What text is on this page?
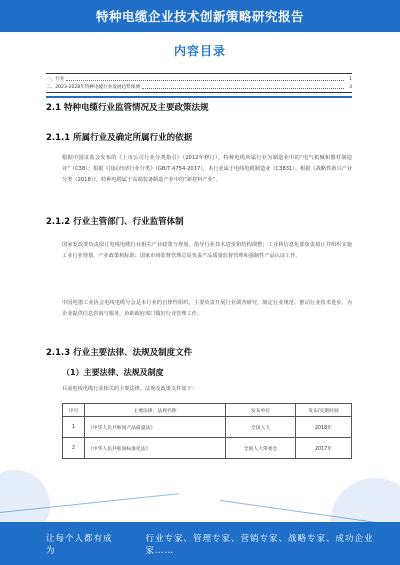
特种电缆企业技术创新策略研究报告
内容目录
一、行业	1
二、2023-2028年特种电缆行业发展趋势预测	3
2.1 特种电缆行业监管情况及主要政策法规
2.1.1 所属行业及确定所属行业的依据
根据中国证监会发布的《上市公司行业分类指引》（2012年修订），特种电缆所属行业为制造业中的“电气机械和器材制造业”（C38）；根据《国民经济行业分类》（GB/T 4754-2017），本行业属于电线电缆制造业（C3831）。根据《战略性新兴产业分类（2018）》，特种电缆属于高端装备制造产业中的“新材料产业”。
2.1.2 行业主管部门、行业监管体制
国家发改委负责拟订电线电缆行业相关产业政策与规划，指导行业技术进步和结构调整；工业和信息化部负责拟订并组织实施工业行业规划、产业政策和标准；国家市场监督管理总局负责产品质量监督管理和强制性产品认证工作。
中国电器工业协会电线电缆分会是本行业的自律性组织，主要负责开展行业调查研究、制定行业规范、推动行业技术进步、为企业提供信息咨询与服务，协助政府部门做好行业管理工作。
2.1.3 行业主要法律、法规及制度文件
（1）主要法律、法规及制度
目前电线电缆行业相关的主要法律、法规及政策文件如下：
序号	主要法律、法规名称	发布单位	发布/实施时间
1	《中华人民共和国产品质量法》	全国人大	2018年
2	《中华人民共和国标准化法》	全国人大常委会	2017年
让每个人都有成为
行业专家、管理专家、营销专家、战略专家、成功企业家……
